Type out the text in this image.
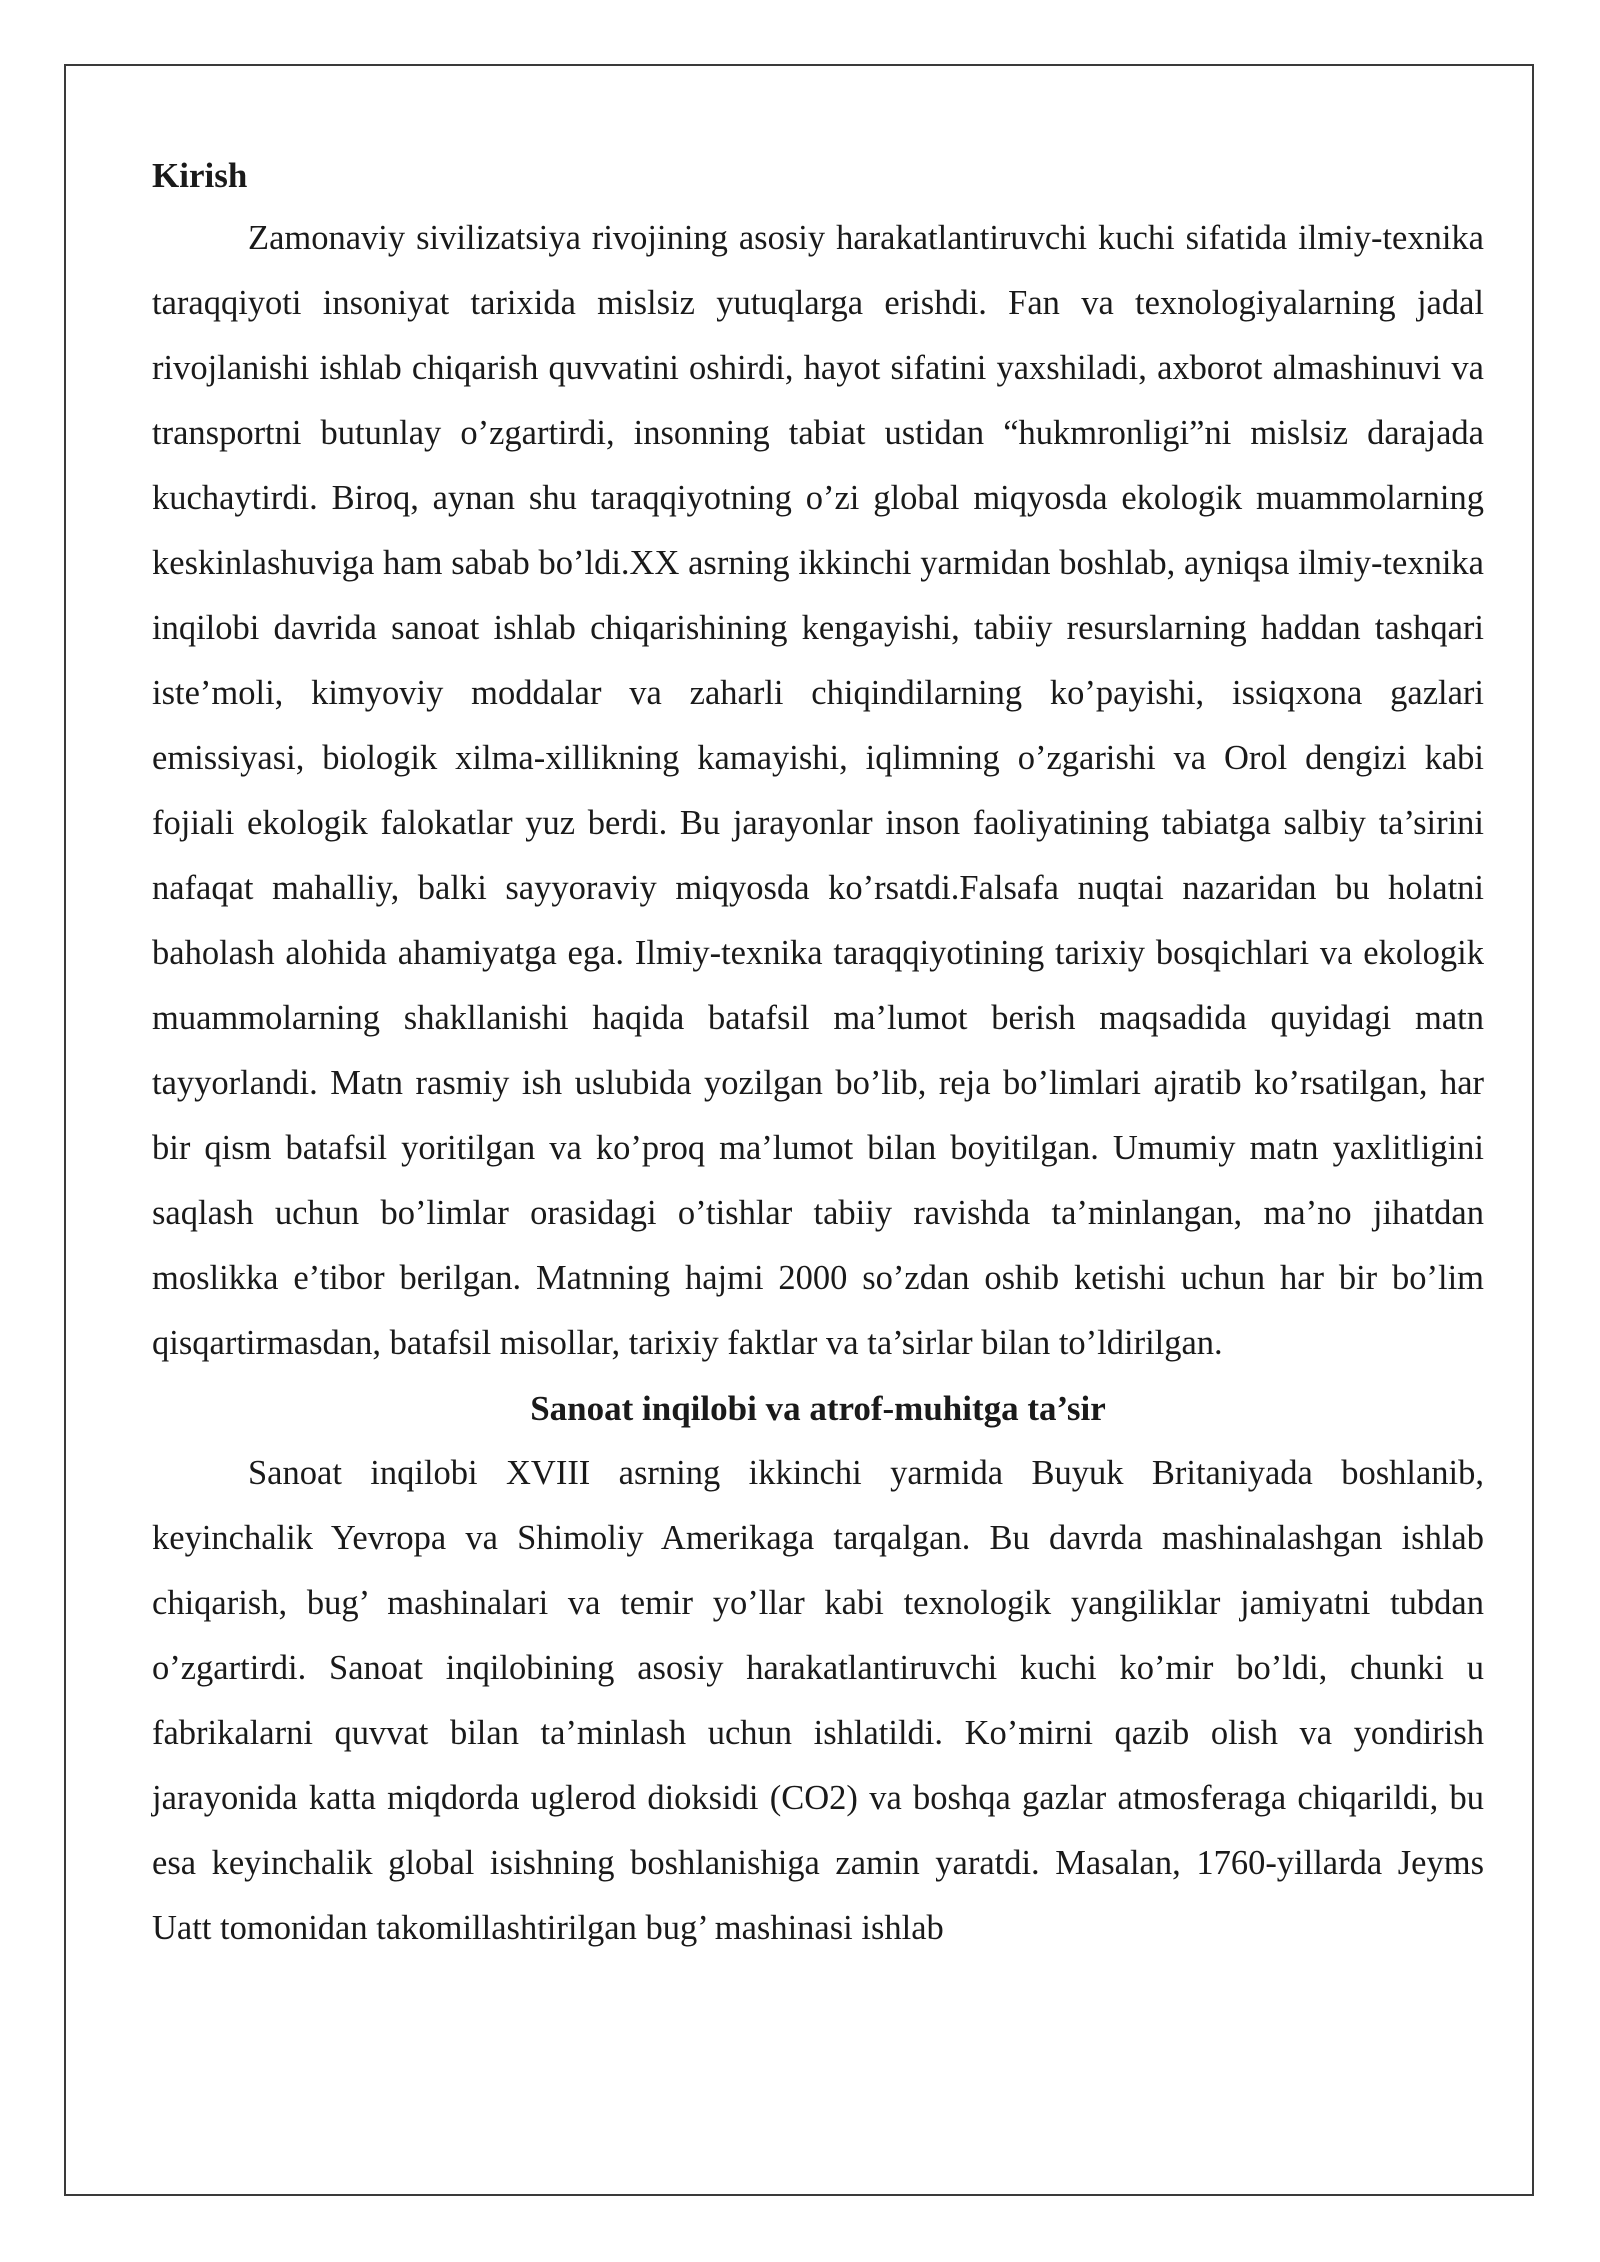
Kirish

Zamonaviy sivilizatsiya rivojining asosiy harakatlantiruvchi kuchi sifatida ilmiy-texnika taraqqiyoti insoniyat tarixida mislsiz yutuqlarga erishdi. Fan va texnologiyalarning jadal rivojlanishi ishlab chiqarish quvvatini oshirdi, hayot sifatini yaxshiladi, axborot almashinuvi va transportni butunlay o’zgartirdi, insonning tabiat ustidan “hukmronligi”ni mislsiz darajada kuchaytirdi. Biroq, aynan shu taraqqiyotning o’zi global miqyosda ekologik muammolarning keskinlashuviga ham sabab bo’ldi.XX asrning ikkinchi yarmidan boshlab, ayniqsa ilmiy-texnika inqilobi davrida sanoat ishlab chiqarishining kengayishi, tabiiy resurslarning haddan tashqari iste’moli, kimyoviy moddalar va zaharli chiqindilarning ko’payishi, issiqxona gazlari emissiyasi, biologik xilma-xillikning kamayishi, iqlimning o’zgarishi va Orol dengizi kabi fojiali ekologik falokatlar yuz berdi. Bu jarayonlar inson faoliyatining tabiatga salbiy ta’sirini nafaqat mahalliy, balki sayyoraviy miqyosda ko’rsatdi.Falsafa nuqtai nazaridan bu holatni baholash alohida ahamiyatga ega. Ilmiy-texnika taraqqiyotining tarixiy bosqichlari va ekologik muammolarning shakllanishi haqida batafsil ma’lumot berish maqsadida quyidagi matn tayyorlandi. Matn rasmiy ish uslubida yozilgan bo’lib, reja bo’limlari ajratib ko’rsatilgan, har bir qism batafsil yoritilgan va ko’proq ma’lumot bilan boyitilgan. Umumiy matn yaxlitligini saqlash uchun bo’limlar orasidagi o’tishlar tabiiy ravishda ta’minlangan, ma’no jihatdan moslikka e’tibor berilgan. Matnning hajmi 2000 so’zdan oshib ketishi uchun har bir bo’lim qisqartirmasdan, batafsil misollar, tarixiy faktlar va ta’sirlar bilan to’ldirilgan.

Sanoat inqilobi va atrof-muhitga ta’sir

Sanoat inqilobi XVIII asrning ikkinchi yarmida Buyuk Britaniyada boshlanib, keyinchalik Yevropa va Shimoliy Amerikaga tarqalgan. Bu davrda mashinalashgan ishlab chiqarish, bug’ mashinalari va temir yo’llar kabi texnologik yangiliklar jamiyatni tubdan o’zgartirdi. Sanoat inqilobining asosiy harakatlantiruvchi kuchi ko’mir bo’ldi, chunki u fabrikalarni quvvat bilan ta’minlash uchun ishlatildi. Ko’mirni qazib olish va yondirish jarayonida katta miqdorda uglerod dioksidi (CO2) va boshqa gazlar atmosferaga chiqarildi, bu esa keyinchalik global isishning boshlanishiga zamin yaratdi. Masalan, 1760-yillarda Jeyms Uatt tomonidan takomillashtirilgan bug’ mashinasi ishlab
